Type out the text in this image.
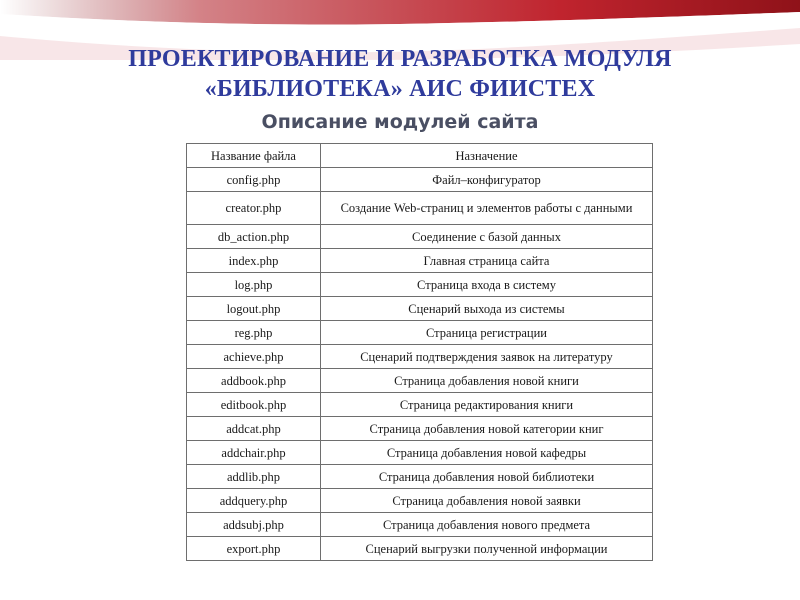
ПРОЕКТИРОВАНИЕ И РАЗРАБОТКА МОДУЛЯ
«БИБЛИОТЕКА» АИС ФИИСТЕХ
Описание модулей сайта
Название файла	Назначение
config.php	Файл–конфигуратор
creator.php	Создание Web-страниц и элементов работы с данными
db_action.php	Соединение с базой данных
index.php	Главная страница сайта
log.php	Страница входа в систему
logout.php	Сценарий выхода из системы
reg.php	Страница регистрации
achieve.php	Сценарий подтверждения заявок на литературу
addbook.php	Страница добавления новой книги
editbook.php	Страница редактирования книги
addcat.php	Страница добавления новой категории книг
addchair.php	Страница добавления новой кафедры
addlib.php	Страница добавления новой библиотеки
addquery.php	Страница добавления новой заявки
addsubj.php	Страница добавления нового предмета
export.php	Сценарий выгрузки полученной информации
